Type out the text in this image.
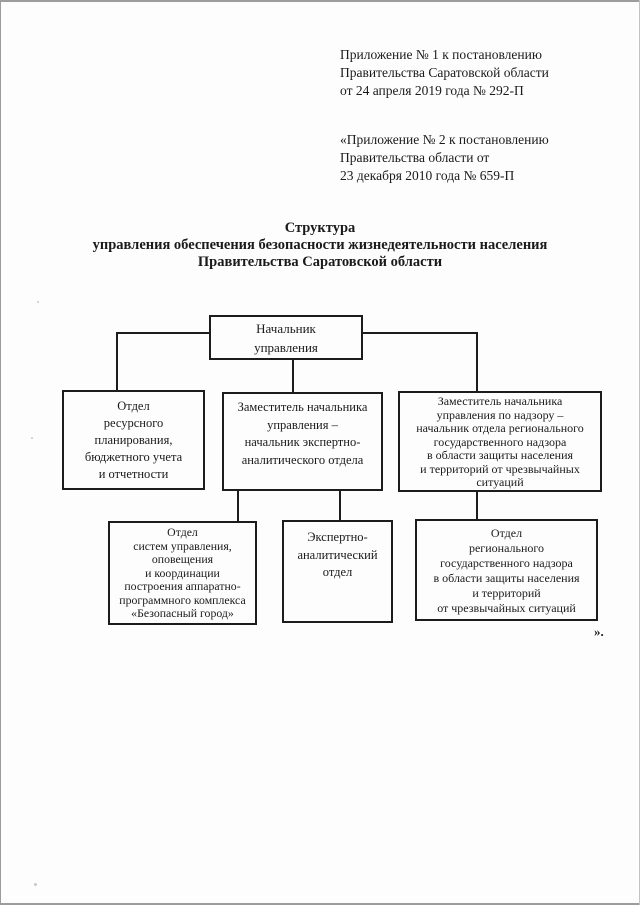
Приложение № 1 к постановлению
Правительства Саратовской области
от 24 апреля 2019 года № 292-П
«Приложение № 2 к постановлению
Правительства области от
23 декабря 2010 года № 659-П
Структура
управления обеспечения безопасности жизнедеятельности населения
Правительства Саратовской области
Начальник
управления
Отдел
ресурсного
планирования,
бюджетного учета
и отчетности
Заместитель начальника
управления –
начальник экспертно-
аналитического отдела
Заместитель начальника
управления по надзору –
начальник отдела регионального
государственного надзора
в области защиты населения
и территорий от чрезвычайных
ситуаций
Отдел
систем управления,
оповещения
и координации
построения аппаратно-
программного комплекса
«Безопасный город»
Экспертно-
аналитический
отдел
Отдел
регионального
государственного надзора
в области защиты населения
и территорий
от чрезвычайных ситуаций
».
